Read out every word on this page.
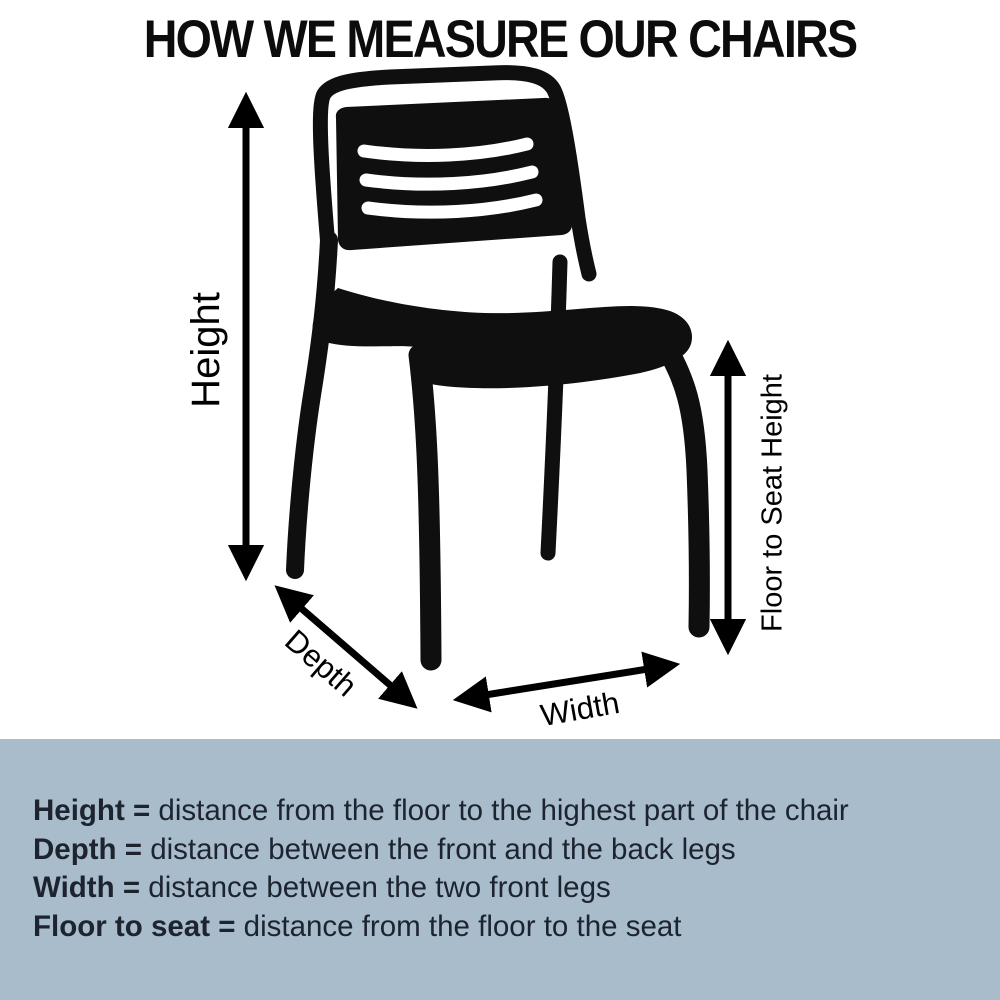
HOW WE MEASURE OUR CHAIRS
Height
Floor to Seat Height
Depth
Width
Height = distance from the floor to the highest part of the chair
Depth = distance between the front and the back legs
Width = distance between the two front legs
Floor to seat = distance from the floor to the seat
